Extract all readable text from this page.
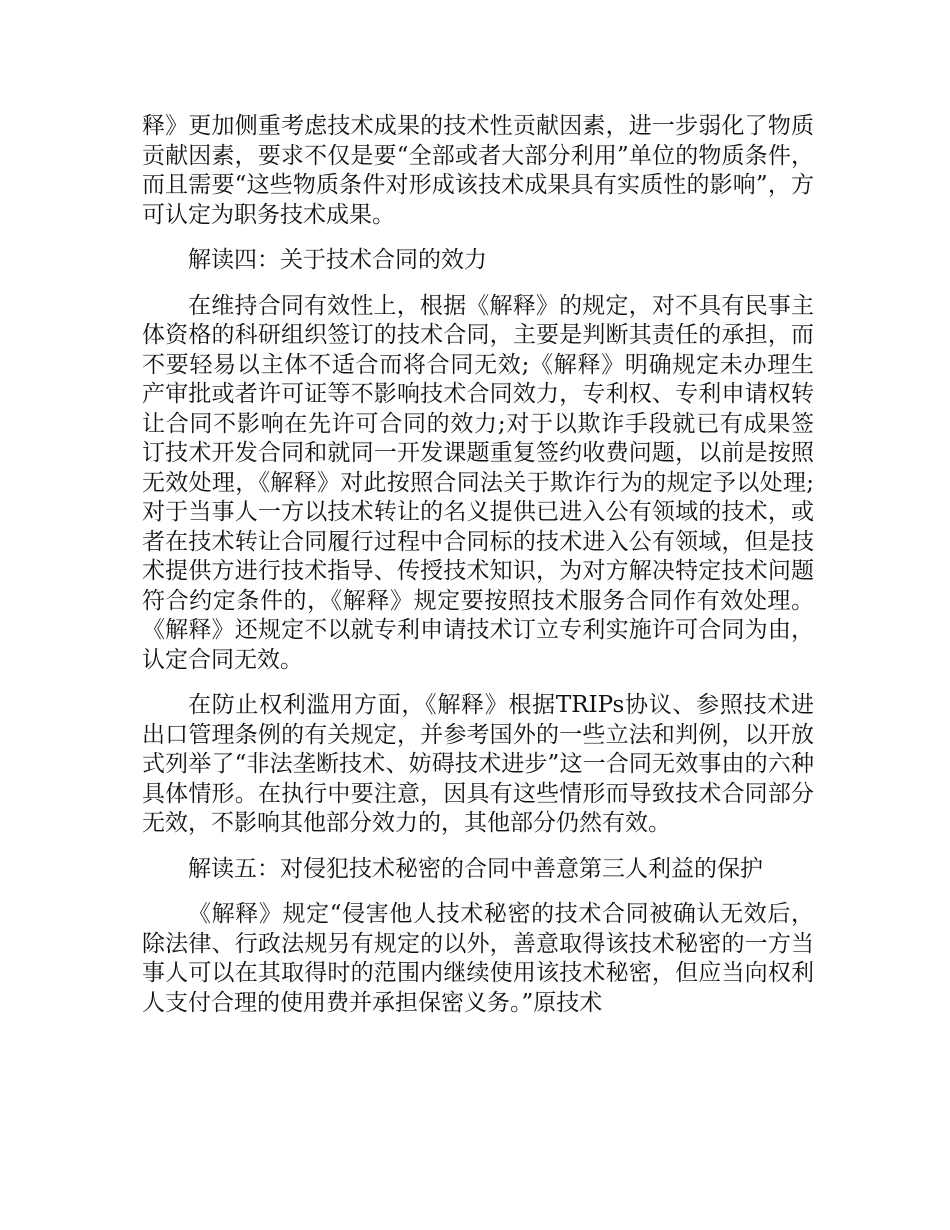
释》更加侧重考虑技术成果的技术性贡献因素，进一步弱化了物质贡献因素，要求不仅是要“全部或者大部分利用”单位的物质条件，而且需要“这些物质条件对形成该技术成果具有实质性的影响”，方可认定为职务技术成果。

解读四：关于技术合同的效力

在维持合同有效性上，根据《解释》的规定，对不具有民事主体资格的科研组织签订的技术合同，主要是判断其责任的承担，而不要轻易以主体不适合而将合同无效;《解释》明确规定未办理生产审批或者许可证等不影响技术合同效力，专利权、专利申请权转让合同不影响在先许可合同的效力;对于以欺诈手段就已有成果签订技术开发合同和就同一开发课题重复签约收费问题，以前是按照无效处理，《解释》对此按照合同法关于欺诈行为的规定予以处理;对于当事人一方以技术转让的名义提供已进入公有领域的技术，或者在技术转让合同履行过程中合同标的技术进入公有领域，但是技术提供方进行技术指导、传授技术知识，为对方解决特定技术问题符合约定条件的，《解释》规定要按照技术服务合同作有效处理。《解释》还规定不以就专利申请技术订立专利实施许可合同为由，认定合同无效。

在防止权利滥用方面，《解释》根据TRIPs协议、参照技术进出口管理条例的有关规定，并参考国外的一些立法和判例，以开放式列举了“非法垄断技术、妨碍技术进步”这一合同无效事由的六种具体情形。在执行中要注意，因具有这些情形而导致技术合同部分无效，不影响其他部分效力的，其他部分仍然有效。

解读五：对侵犯技术秘密的合同中善意第三人利益的保护

《解释》规定“侵害他人技术秘密的技术合同被确认无效后，除法律、行政法规另有规定的以外，善意取得该技术秘密的一方当事人可以在其取得时的范围内继续使用该技术秘密，但应当向权利人支付合理的使用费并承担保密义务。”原技术
